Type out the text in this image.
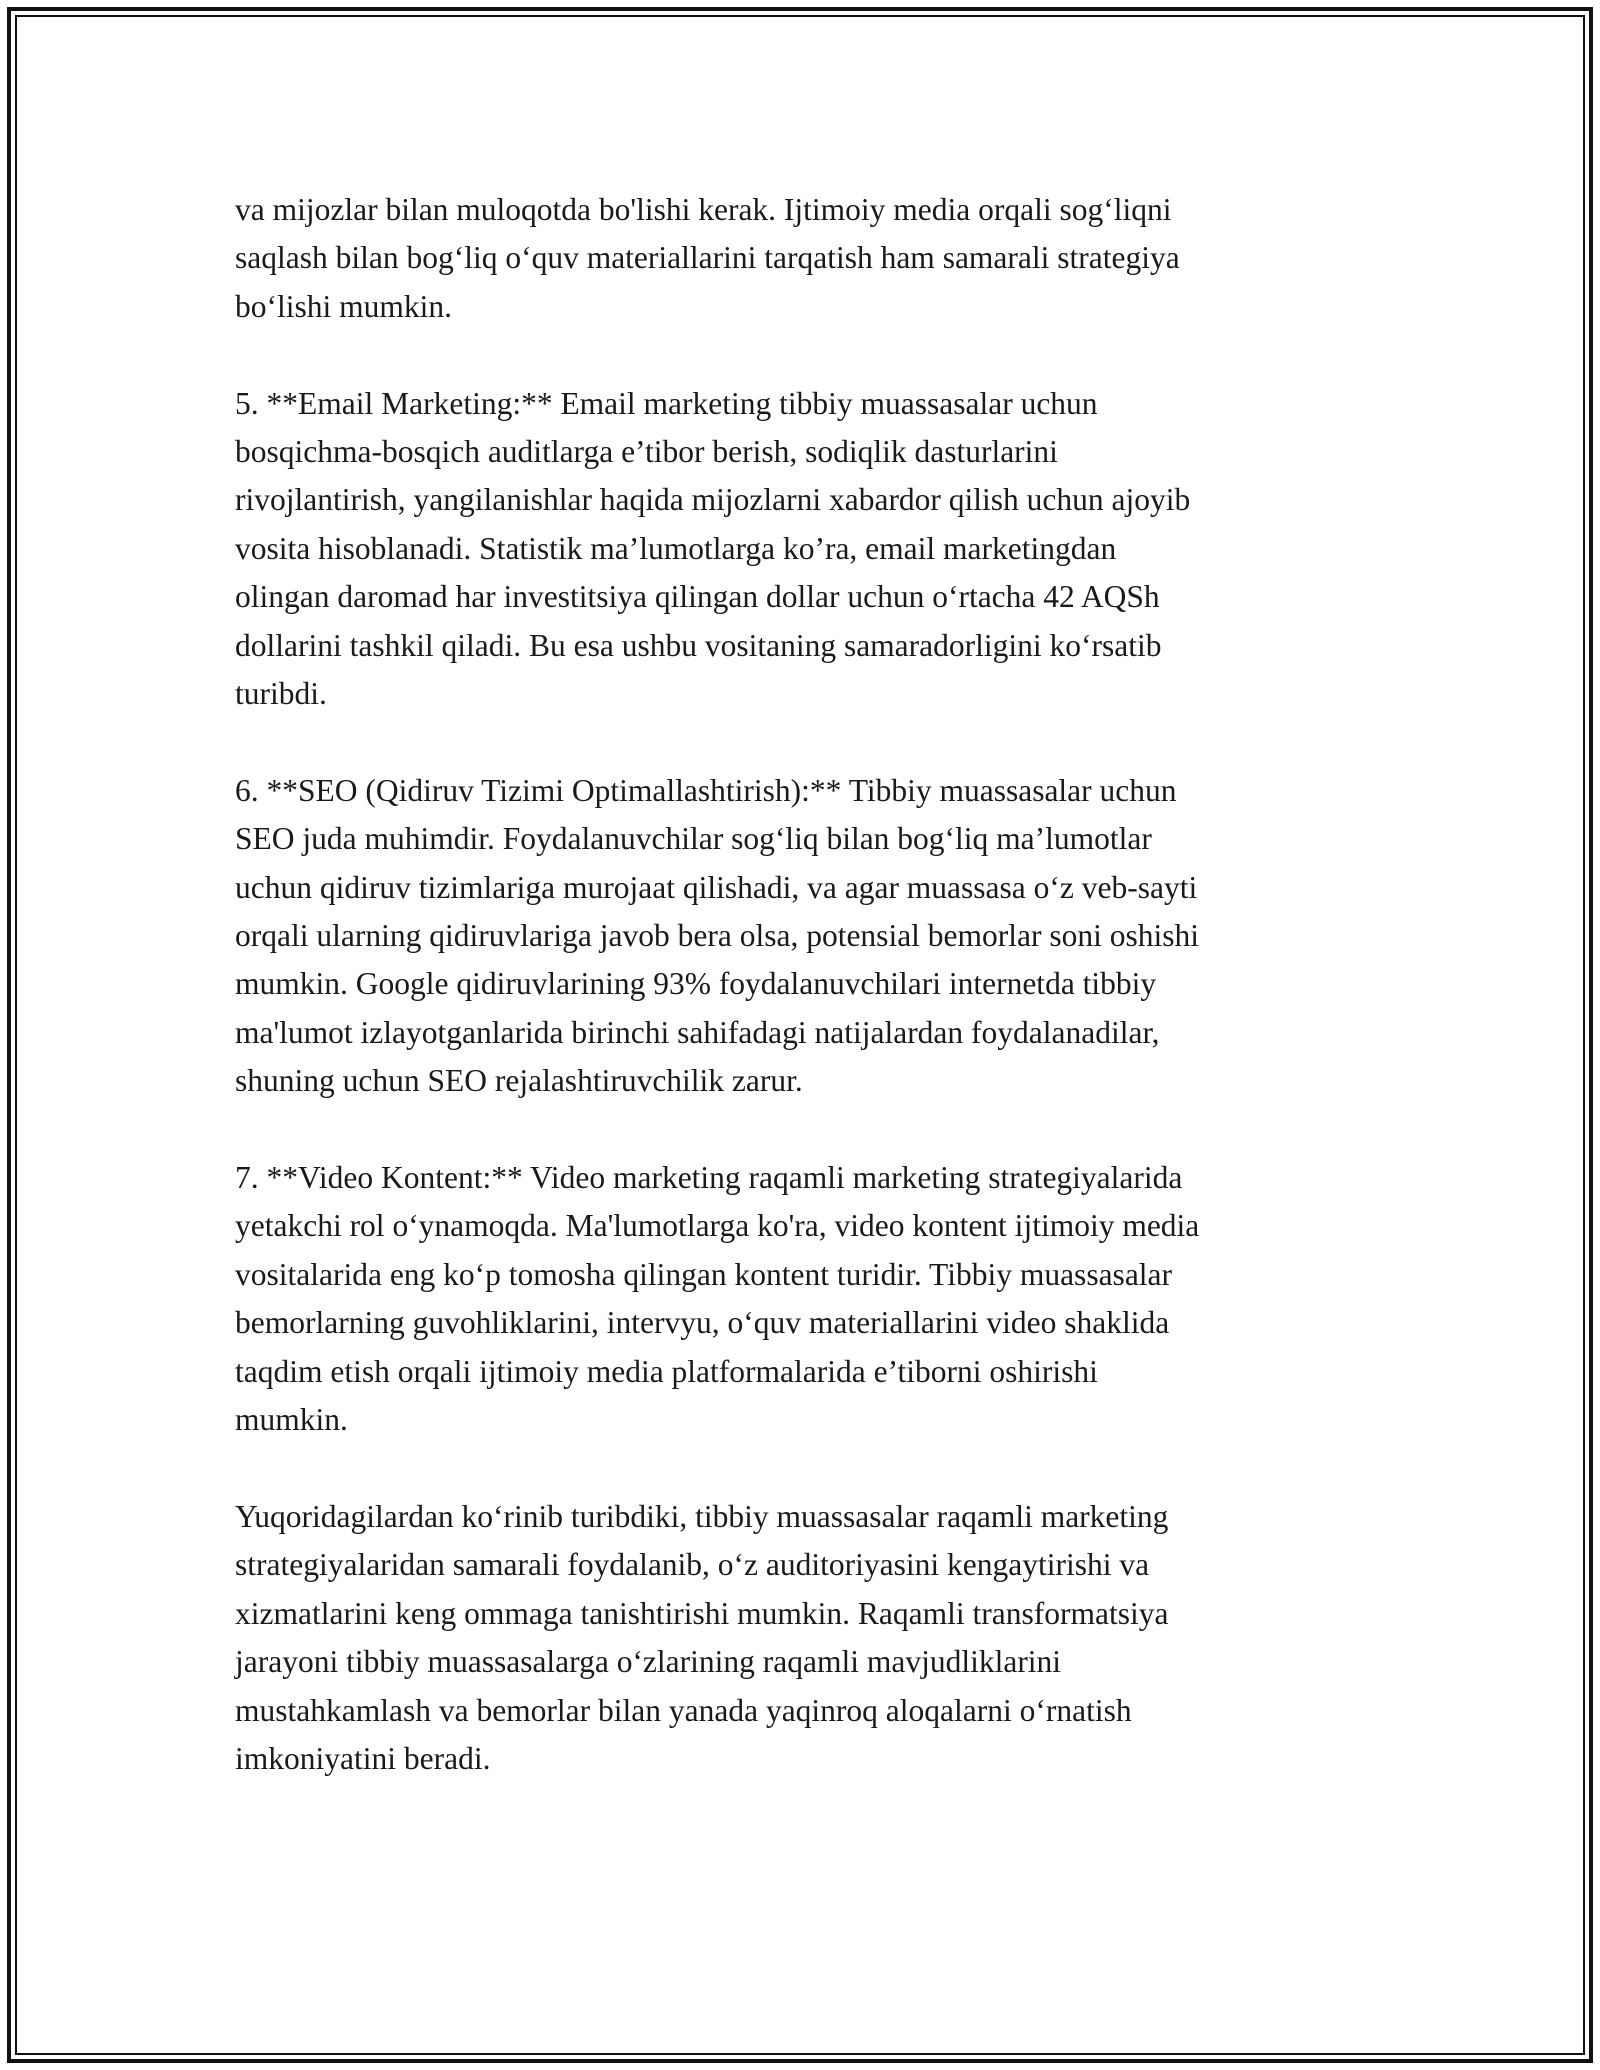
va mijozlar bilan muloqotda bo'lishi kerak. Ijtimoiy media orqali sog‘liqni
saqlash bilan bog‘liq o‘quv materiallarini tarqatish ham samarali strategiya
bo‘lishi mumkin.

5. **Email Marketing:** Email marketing tibbiy muassasalar uchun
bosqichma-bosqich auditlarga e’tibor berish, sodiqlik dasturlarini
rivojlantirish, yangilanishlar haqida mijozlarni xabardor qilish uchun ajoyib
vosita hisoblanadi. Statistik ma’lumotlarga ko’ra, email marketingdan
olingan daromad har investitsiya qilingan dollar uchun o‘rtacha 42 AQSh
dollarini tashkil qiladi. Bu esa ushbu vositaning samaradorligini ko‘rsatib
turibdi.

6. **SEO (Qidiruv Tizimi Optimallashtirish):** Tibbiy muassasalar uchun
SEO juda muhimdir. Foydalanuvchilar sog‘liq bilan bog‘liq ma’lumotlar
uchun qidiruv tizimlariga murojaat qilishadi, va agar muassasa o‘z veb-sayti
orqali ularning qidiruvlariga javob bera olsa, potensial bemorlar soni oshishi
mumkin. Google qidiruvlarining 93% foydalanuvchilari internetda tibbiy
ma'lumot izlayotganlarida birinchi sahifadagi natijalardan foydalanadilar,
shuning uchun SEO rejalashtiruvchilik zarur.

7. **Video Kontent:** Video marketing raqamli marketing strategiyalarida
yetakchi rol o‘ynamoqda. Ma'lumotlarga ko'ra, video kontent ijtimoiy media
vositalarida eng ko‘p tomosha qilingan kontent turidir. Tibbiy muassasalar
bemorlarning guvohliklarini, intervyu, o‘quv materiallarini video shaklida
taqdim etish orqali ijtimoiy media platformalarida e’tiborni oshirishi
mumkin.

Yuqoridagilardan ko‘rinib turibdiki, tibbiy muassasalar raqamli marketing
strategiyalaridan samarali foydalanib, o‘z auditoriyasini kengaytirishi va
xizmatlarini keng ommaga tanishtirishi mumkin. Raqamli transformatsiya
jarayoni tibbiy muassasalarga o‘zlarining raqamli mavjudliklarini
mustahkamlash va bemorlar bilan yanada yaqinroq aloqalarni o‘rnatish
imkoniyatini beradi.
